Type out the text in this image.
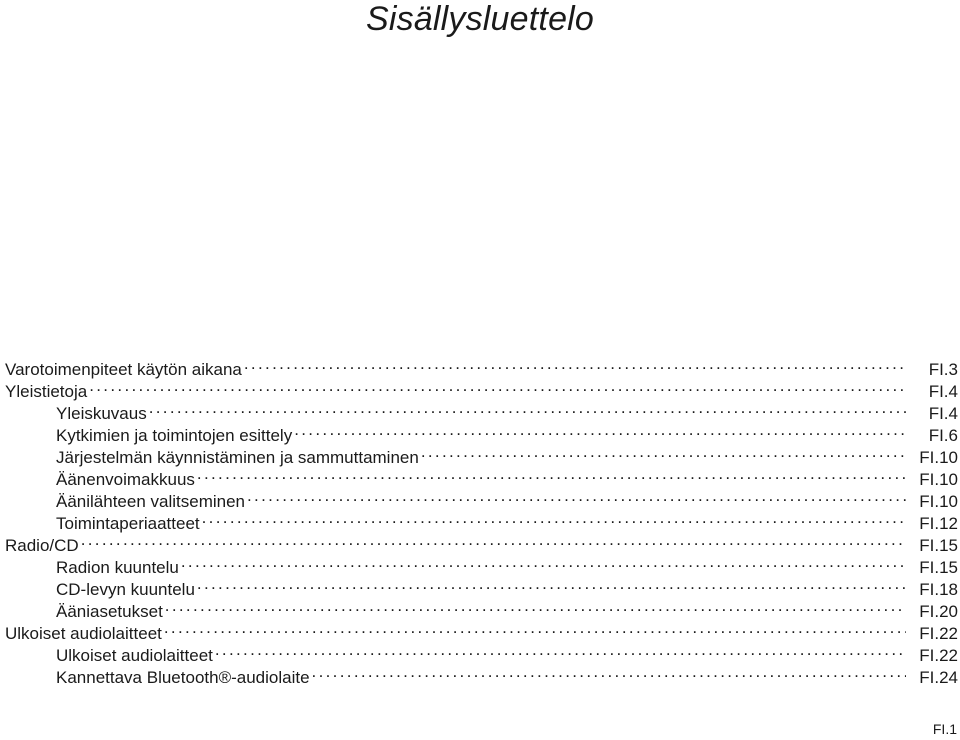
Sisällysluettelo
Varotoimenpiteet käytön aikana . . .	FI.3
Yleistietoja . . .	FI.4
Yleiskuvaus . . .	FI.4
Kytkimien ja toimintojen esittely . . .	FI.6
Järjestelmän käynnistäminen ja sammuttaminen . . .	FI.10
Äänenvoimakkuus . . .	FI.10
Äänilähteen valitseminen . . .	FI.10
Toimintaperiaatteet . . .	FI.12
Radio/CD . . .	FI.15
Radion kuuntelu . . .	FI.15
CD-levyn kuuntelu . . .	FI.18
Ääniasetukset . . .	FI.20
Ulkoiset audiolaitteet . . .	FI.22
Ulkoiset audiolaitteet . . .	FI.22
Kannettava Bluetooth®-audiolaite . . .	FI.24
FI.1
